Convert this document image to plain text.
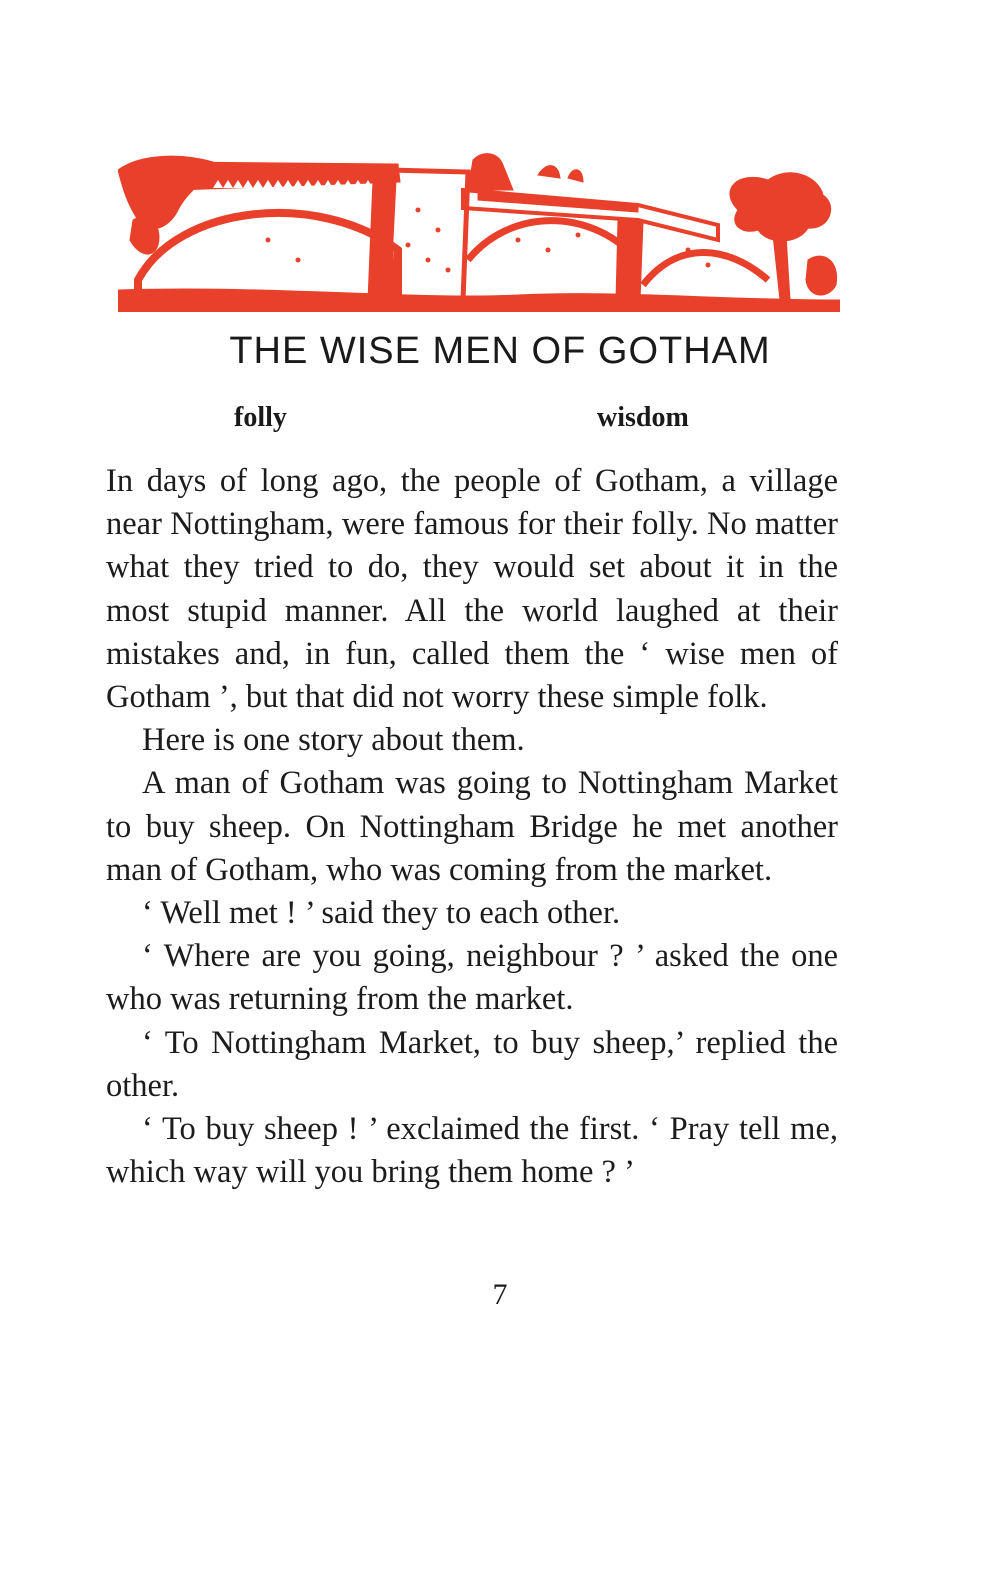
THE WISE MEN OF GOTHAM
folly	wisdom

In days of long ago, the people of Gotham, a village near Nottingham, were famous for their folly. No matter what they tried to do, they would set about it in the most stupid manner. All the world laughed at their mistakes and, in fun, called them the ‘ wise men of Gotham ’, but that did not worry these simple folk.

Here is one story about them.

A man of Gotham was going to Nottingham Market to buy sheep. On Nottingham Bridge he met another man of Gotham, who was coming from the market.

‘ Well met ! ’ said they to each other.

‘ Where are you going, neighbour ? ’ asked the one who was returning from the market.

‘ To Nottingham Market, to buy sheep,’ replied the other.

‘ To buy sheep ! ’ exclaimed the first. ‘ Pray tell me, which way will you bring them home ? ’

7
